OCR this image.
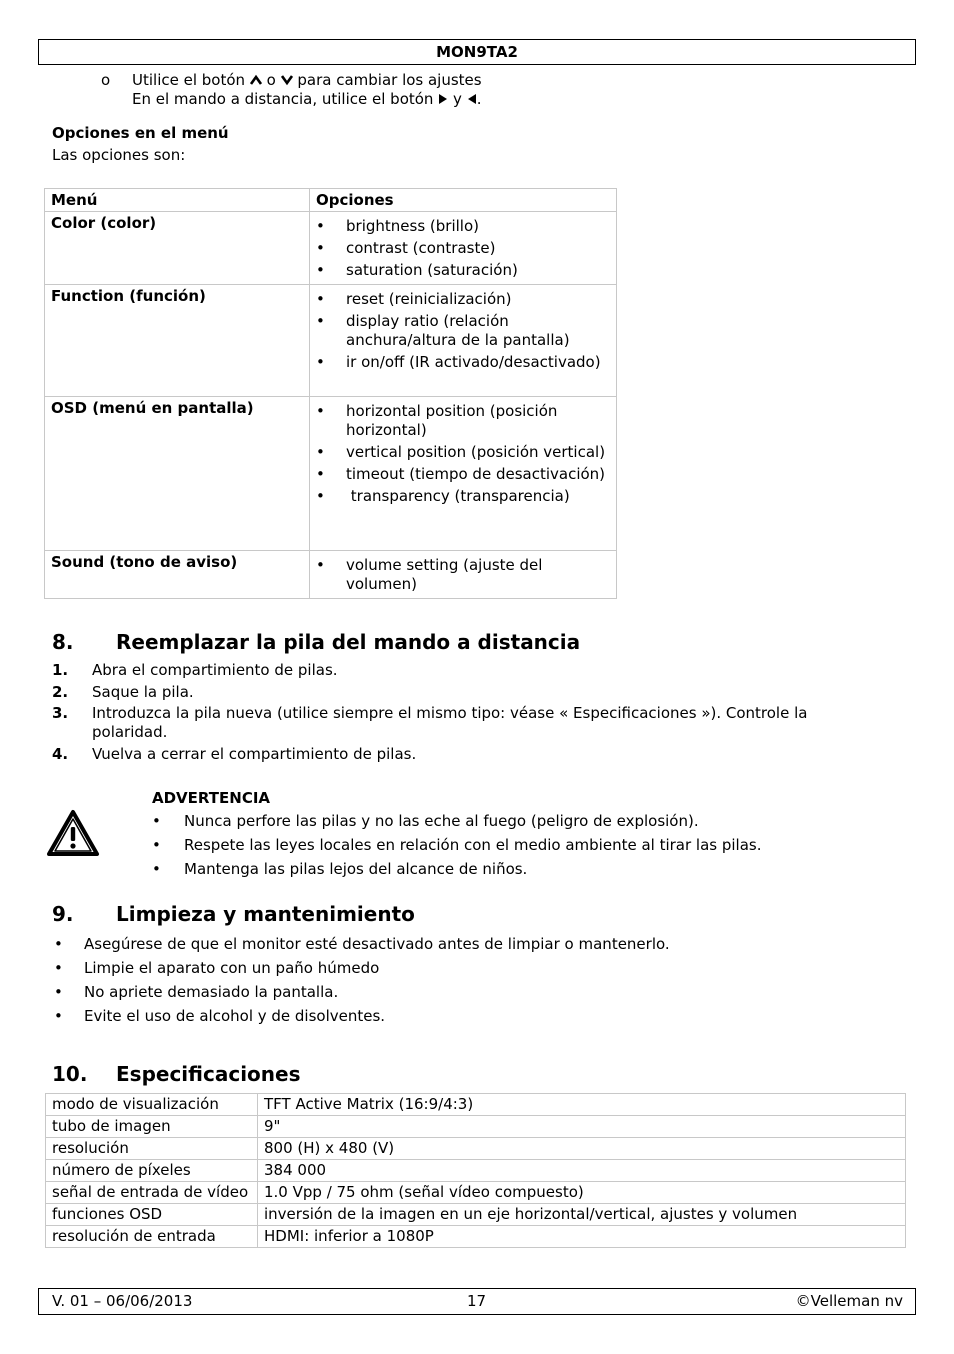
MON9TA2
o Utilice el botón o para cambiar los ajustes
En el mando a distancia, utilice el botón y .
Opciones en el menú
Las opciones son:
Menú	Opciones
Color (color)	• brightness (brillo)
• contrast (contraste)
• saturation (saturación)

Function (función)	• reset (reinicialización)
• display ratio (relación anchura/altura de la pantalla)
• ir on/off (IR activado/desactivado)

OSD (menú en pantalla)	• horizontal position (posición horizontal)
• vertical position (posición vertical)
• timeout (tiempo de desactivación)
•  transparency (transparencia)

Sound (tono de aviso)	• volume setting (ajuste del volumen)
8. Reemplazar la pila del mando a distancia
1. Abra el compartimiento de pilas.
2. Saque la pila.
3. Introduzca la pila nueva (utilice siempre el mismo tipo: véase « Especificaciones »). Controle la polaridad.
4. Vuelva a cerrar el compartimiento de pilas.
ADVERTENCIA
• Nunca perfore las pilas y no las eche al fuego (peligro de explosión).
• Respete las leyes locales en relación con el medio ambiente al tirar las pilas.
• Mantenga las pilas lejos del alcance de niños.
9. Limpieza y mantenimiento
• Asegúrese de que el monitor esté desactivado antes de limpiar o mantenerlo.
• Limpie el aparato con un paño húmedo
• No apriete demasiado la pantalla.
• Evite el uso de alcohol y de disolventes.
10. Especificaciones
modo de visualización	TFT Active Matrix (16:9/4:3)
tubo de imagen	9"
resolución	800 (H) x 480 (V)
número de píxeles	384 000
señal de entrada de vídeo	1.0 Vpp / 75 ohm (señal vídeo compuesto)
funciones OSD	inversión de la imagen en un eje horizontal/vertical, ajustes y volumen
resolución de entrada	HDMI: inferior a 1080P
V. 01 – 06/06/2013	17	©Velleman nv
